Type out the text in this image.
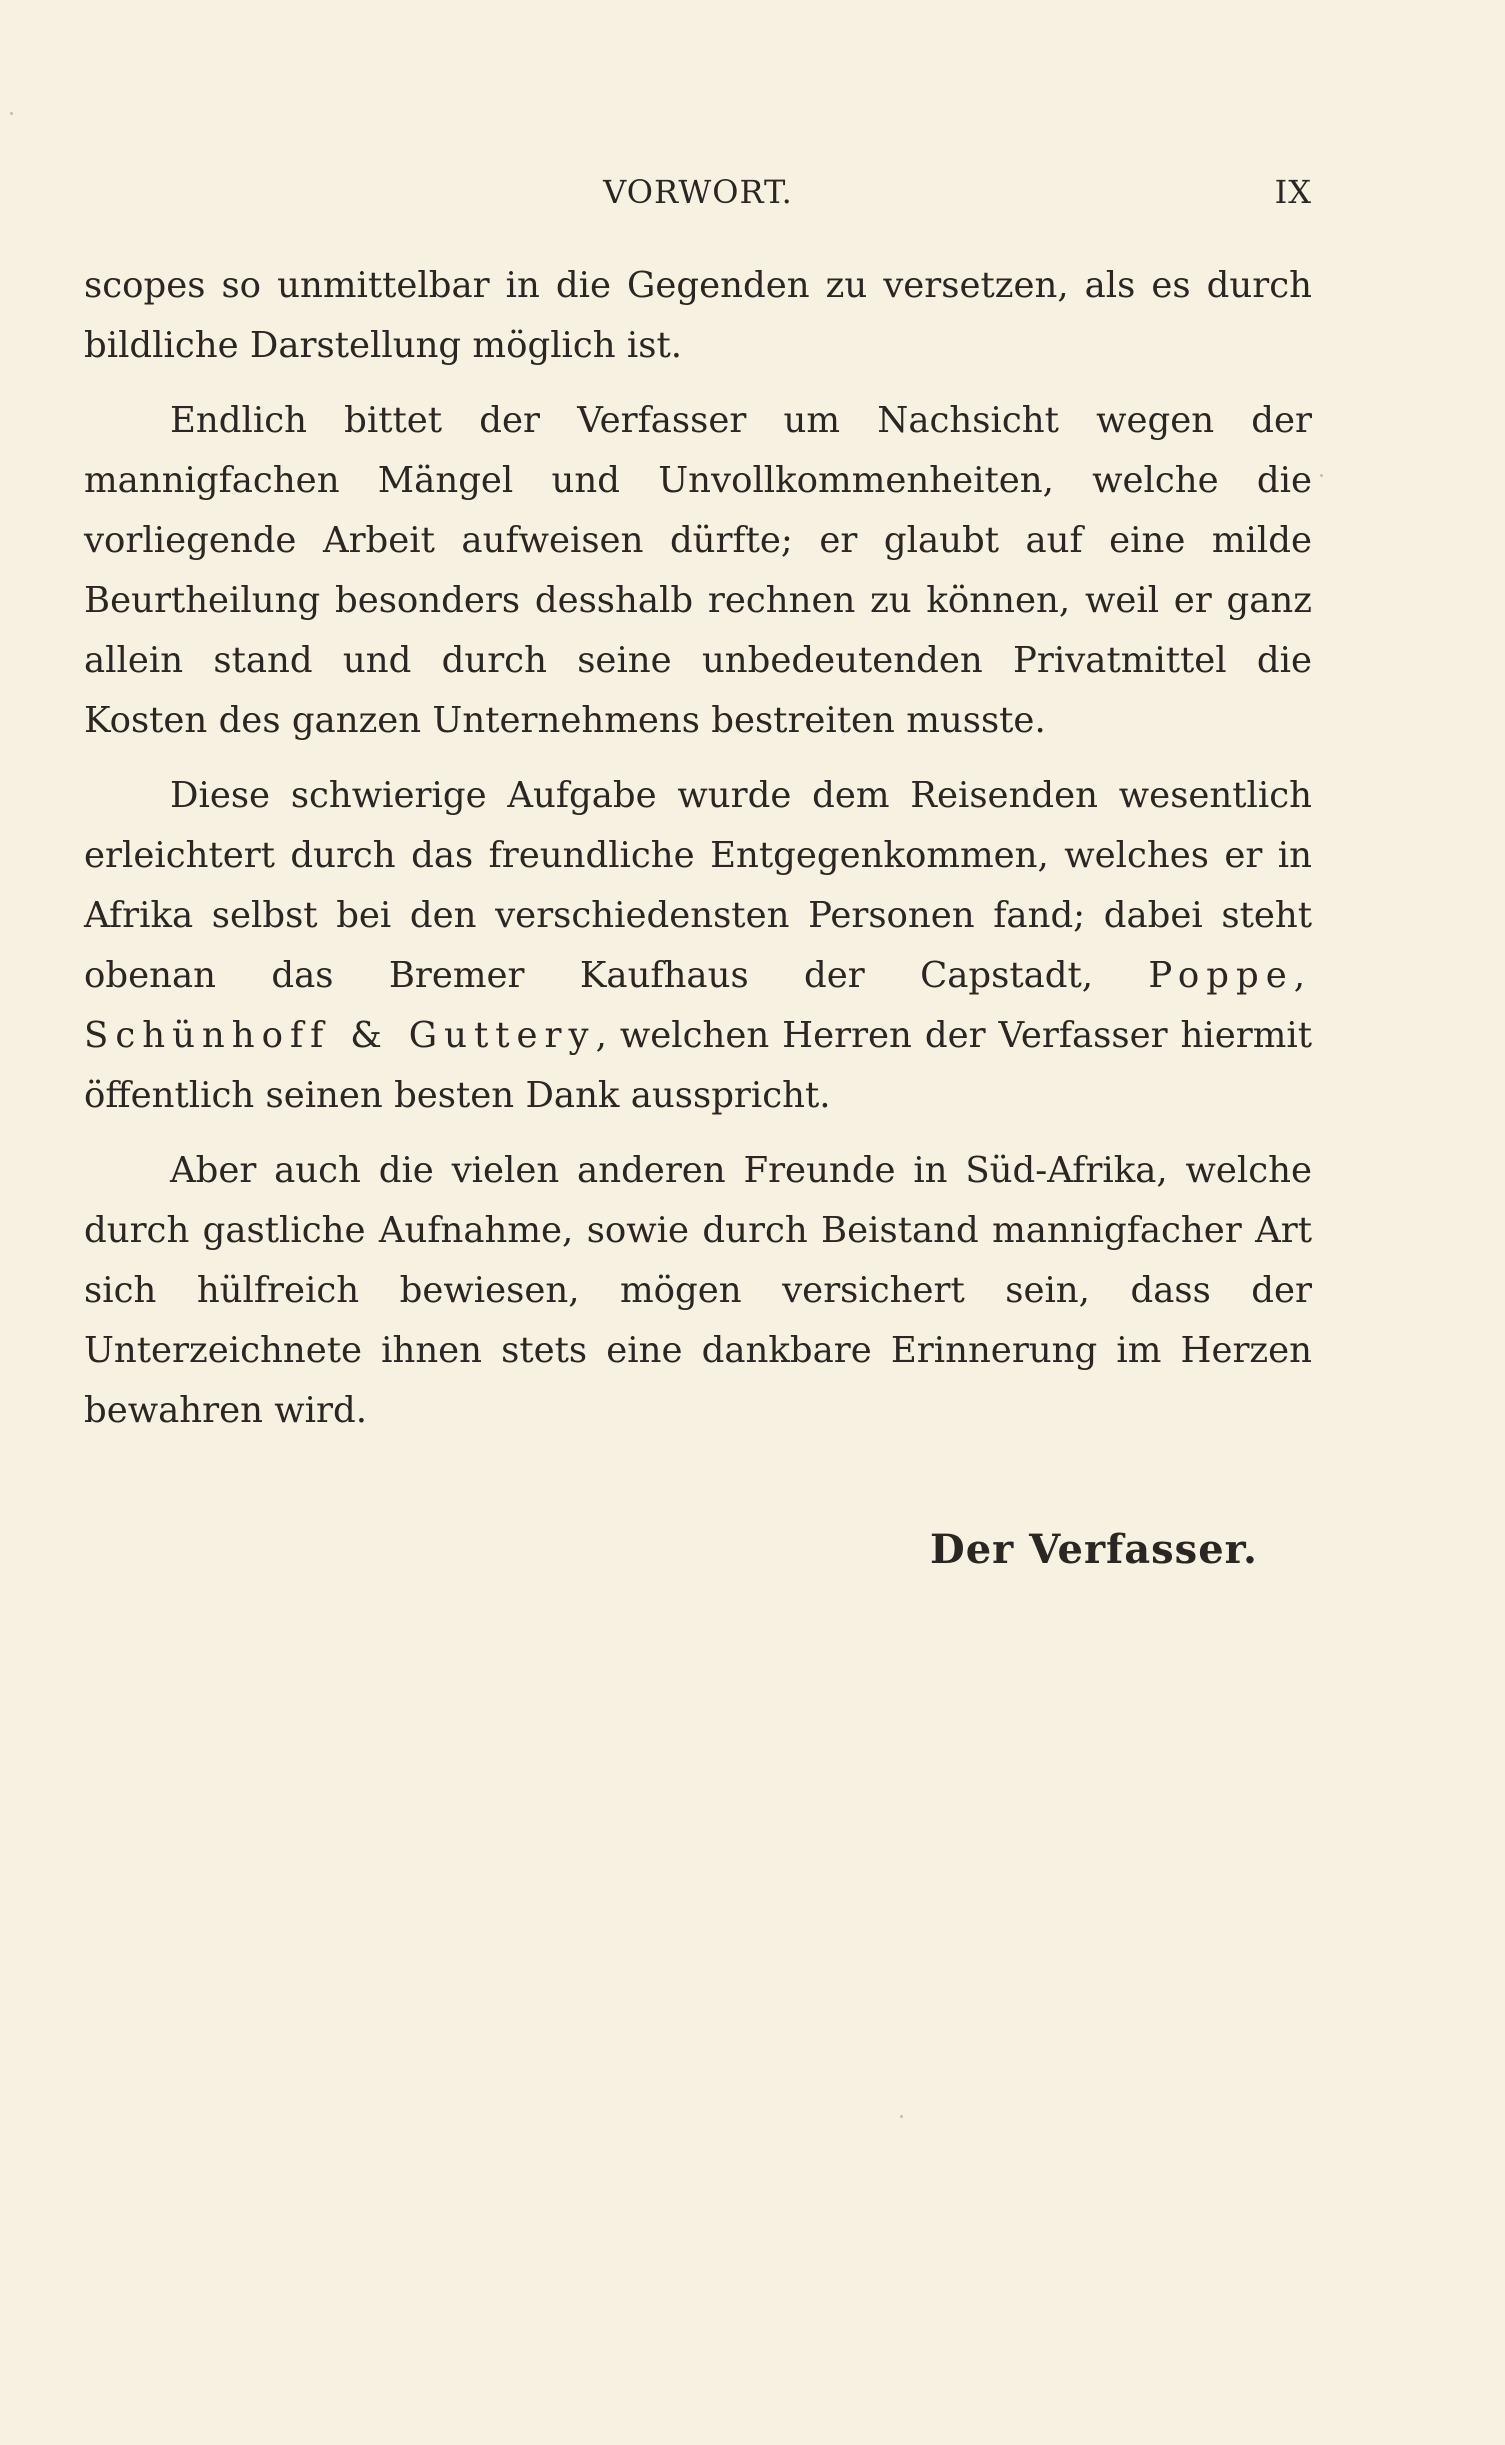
VORWORT.	IX

scopes so unmittelbar in die Gegenden zu versetzen, als es durch bildliche Darstellung möglich ist.

Endlich bittet der Verfasser um Nachsicht wegen der mannigfachen Mängel und Unvollkommenheiten, welche die vorliegende Arbeit aufweisen dürfte; er glaubt auf eine milde Beurtheilung besonders desshalb rechnen zu können, weil er ganz allein stand und durch seine unbedeutenden Privatmittel die Kosten des ganzen Unternehmens bestreiten musste.

Diese schwierige Aufgabe wurde dem Reisenden wesentlich erleichtert durch das freundliche Entgegenkommen, welches er in Afrika selbst bei den verschiedensten Personen fand; dabei steht obenan das Bremer Kaufhaus der Capstadt, Poppe, Schünhoff & Guttery, welchen Herren der Verfasser hiermit öffentlich seinen besten Dank ausspricht.

Aber auch die vielen anderen Freunde in Süd-Afrika, welche durch gastliche Aufnahme, sowie durch Beistand mannigfacher Art sich hülfreich bewiesen, mögen versichert sein, dass der Unterzeichnete ihnen stets eine dankbare Erinnerung im Herzen bewahren wird.

Der Verfasser.
